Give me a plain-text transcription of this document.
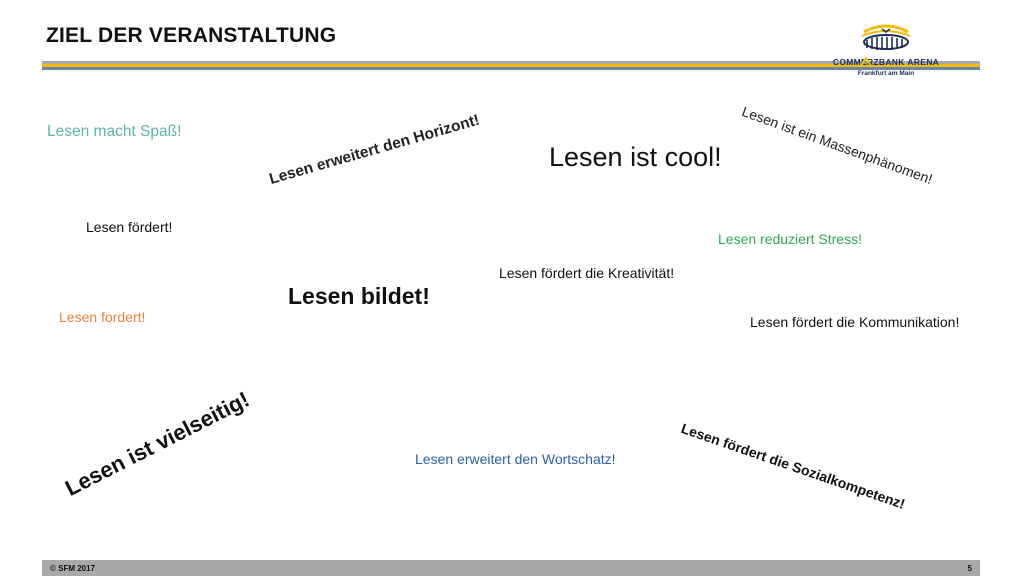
ZIEL DER VERANSTALTUNG
COMMERZBANK ARENA
Frankfurt am Main
Lesen macht Spaß!	Lesen erweitert den Horizont! Lesen ist cool! Lesen ist ein Massenphänomen!
Lesen fördert!
Lesen reduziert Stress!
Lesen fördert die Kreativität!
Lesen bildet!
Lesen fordert!	Lesen fördert die Kommunikation!
Lesen ist vielseitig!	Lesen erweitert den Wortschatz!	Lesen fördert die Sozialkompetenz!
© SFM 2017	5
